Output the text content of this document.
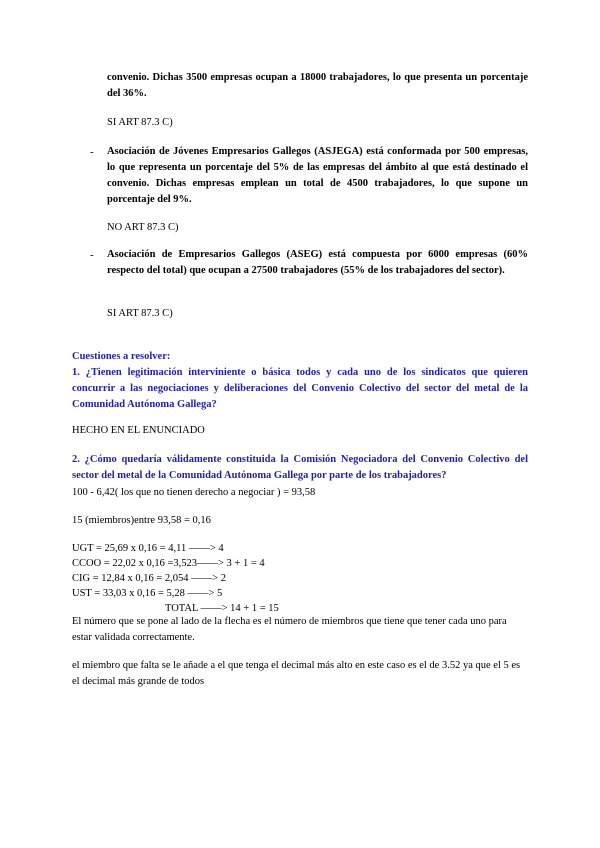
convenio. Dichas 3500 empresas ocupan a 18000 trabajadores, lo que presenta un porcentaje del 36%.
SI ART 87.3 C)
- Asociación de Jóvenes Empresarios Gallegos (ASJEGA) está conformada por 500 empresas, lo que representa un porcentaje del 5% de las empresas del ámbito al que está destinado el convenio. Dichas empresas emplean un total de 4500 trabajadores, lo que supone un porcentaje del 9%.
NO ART 87.3 C)
- Asociación de Empresarios Gallegos (ASEG) está compuesta por 6000 empresas (60% respecto del total) que ocupan a 27500 trabajadores (55% de los trabajadores del sector).
SI ART 87.3 C)
Cuestiones a resolver:
1. ¿Tienen legitimación interviniente o básica todos y cada uno de los sindicatos que quieren concurrir a las negociaciones y deliberaciones del Convenio Colectivo del sector del metal de la Comunidad Autónoma Gallega?
HECHO EN EL ENUNCIADO
2. ¿Cómo quedaría válidamente constituida la Comisión Negociadora del Convenio Colectivo del sector del metal de la Comunidad Autónoma Gallega por parte de los trabajadores?
100 - 6,42( los que no tienen derecho a negociar ) = 93,58
15 (miembros)entre 93,58 = 0,16
UGT = 25,69 x 0,16 = 4,11 ——> 4
CCOO = 22,02 x 0,16 =3,523——> 3 + 1 = 4
CIG = 12,84 x 0,16 = 2,054 ——> 2
UST = 33,03 x 0,16 = 5,28 ——> 5
TOTAL ——> 14 + 1 = 15
El número que se pone al lado de la flecha es el número de miembros que tiene que tener cada uno para estar validada correctamente.
el miembro que falta se le añade a el que tenga el decimal más alto en este caso es el de 3.52 ya que el 5 es el decimal más grande de todos
